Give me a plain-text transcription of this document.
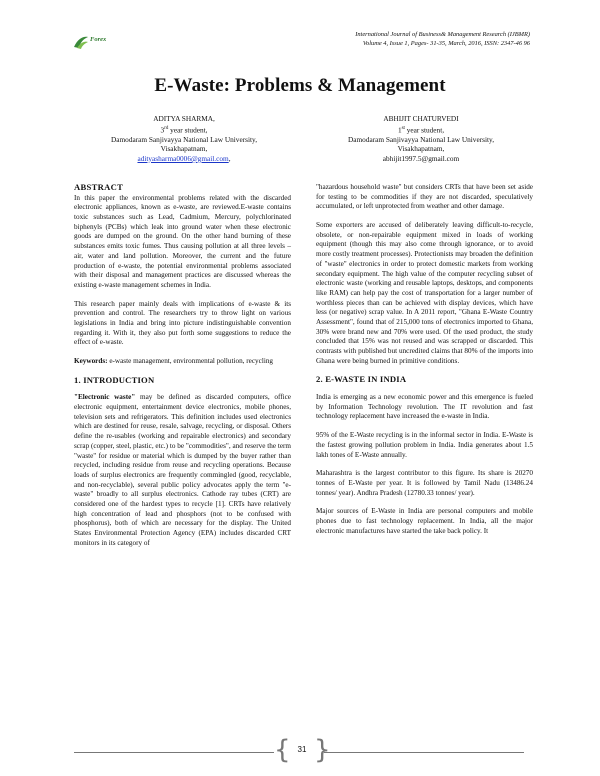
Forex
International Journal of Business& Management Research (IJBMR)
Volume 4, Issue 1, Pages- 31-35, March, 2016, ISSN: 2347-46 96
E-Waste: Problems & Management
ADITYA SHARMA,
3rd year student,
Damodaram Sanjivayya National Law University,
Visakhapatnam,
adityasharma0006@gmail.com,
ABHIJIT CHATURVEDI
1st year student,
Damodaram Sanjivayya National Law University,
Visakhapatnam,
abhijit1997.5@gmail.com
ABSTRACT

In this paper the environmental problems related with the discarded electronic appliances, known as e-waste, are reviewed.E-waste contains toxic substances such as Lead, Cadmium, Mercury, polychlorinated biphenyls (PCBs) which leak into ground water when these electronic goods are dumped on the ground. On the other hand burning of these substances emits toxic fumes. Thus causing pollution at all three levels – air, water and land pollution. Moreover, the current and the future production of e-waste, the potential environmental problems associated with their disposal and management practices are discussed whereas the existing e-waste management schemes in India.

This research paper mainly deals with implications of e-waste & its prevention and control. The researchers try to throw light on various legislations in India and bring into picture indistinguishable convention regarding it. With it, they also put forth some suggestions to reduce the effect of e-waste.

Keywords: e-waste management, environmental pollution, recycling

1. INTRODUCTION

"Electronic waste" may be defined as discarded computers, office electronic equipment, entertainment device electronics, mobile phones, television sets and refrigerators. This definition includes used electronics which are destined for reuse, resale, salvage, recycling, or disposal. Others define the re-usables (working and repairable electronics) and secondary scrap (copper, steel, plastic, etc.) to be "commodities", and reserve the term "waste" for residue or material which is dumped by the buyer rather than recycled, including residue from reuse and recycling operations. Because loads of surplus electronics are frequently commingled (good, recyclable, and non-recyclable), several public policy advocates apply the term "e-waste" broadly to all surplus electronics. Cathode ray tubes (CRT) are considered one of the hardest types to recycle [1]. CRTs have relatively high concentration of lead and phosphors (not to be confused with phosphorus), both of which are necessary for the display. The United States Environmental Protection Agency (EPA) includes discarded CRT monitors in its category of

"hazardous household waste" but considers CRTs that have been set aside for testing to be commodities if they are not discarded, speculatively accumulated, or left unprotected from weather and other damage.

Some exporters are accused of deliberately leaving difficult-to-recycle, obsolete, or non-repairable equipment mixed in loads of working equipment (though this may also come through ignorance, or to avoid more costly treatment processes). Protectionists may broaden the definition of "waste" electronics in order to protect domestic markets from working secondary equipment. The high value of the computer recycling subset of electronic waste (working and reusable laptops, desktops, and components like RAM) can help pay the cost of transportation for a larger number of worthless pieces than can be achieved with display devices, which have less (or negative) scrap value. In A 2011 report, "Ghana E-Waste Country Assessment", found that of 215,000 tons of electronics imported to Ghana, 30% were brand new and 70% were used. Of the used product, the study concluded that 15% was not reused and was scrapped or discarded. This contrasts with published but uncredited claims that 80% of the imports into Ghana were being burned in primitive conditions.

2. E-WASTE IN INDIA

India is emerging as a new economic power and this emergence is fueled by Information Technology revolution. The IT revolution and fast technology replacement have increased the e-waste in India.

95% of the E-Waste recycling is in the informal sector in India. E-Waste is the fastest growing pollution problem in India. India generates about 1.5 lakh tones of E-Waste annually.

Maharashtra is the largest contributor to this figure. Its share is 20270 tonnes of E-Waste per year. It is followed by Tamil Nadu (13486.24 tonnes/ year). Andhra Pradesh (12780.33 tonnes/ year).

Major sources of E-Waste in India are personal computers and mobile phones due to fast technology replacement. In India, all the major electronic manufactures have started the take back policy. It

{ }
31
